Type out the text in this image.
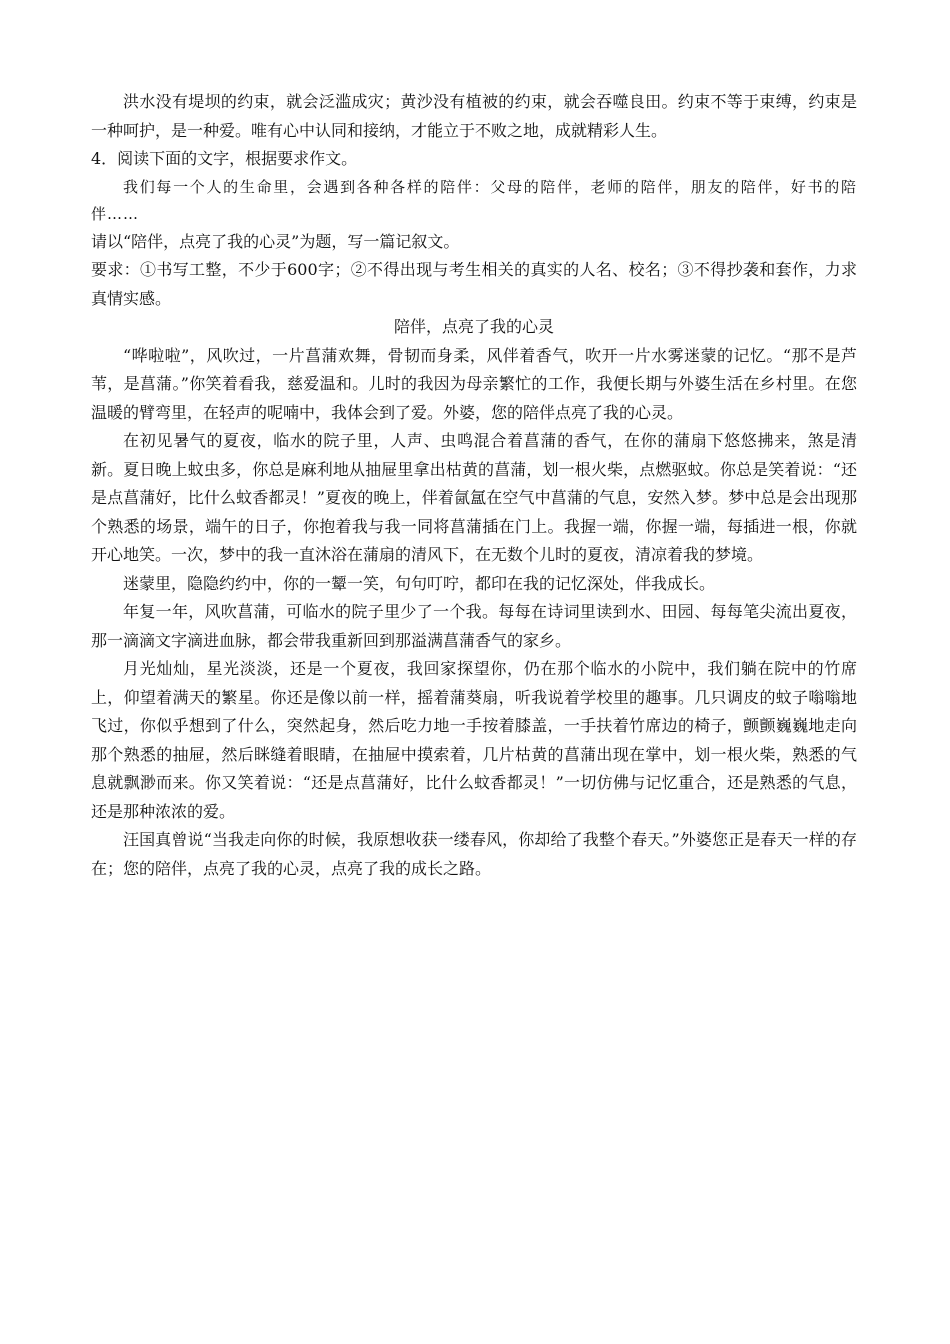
洪水没有堤坝的约束，就会泛滥成灾；黄沙没有植被的约束，就会吞噬良田。约束不等于束缚，约束是一种呵护，是一种爱。唯有心中认同和接纳，才能立于不败之地，成就精彩人生。

4．阅读下面的文字，根据要求作文。

我们每一个人的生命里，会遇到各种各样的陪伴：父母的陪伴，老师的陪伴，朋友的陪伴，好书的陪伴……

请以“陪伴，点亮了我的心灵”为题，写一篇记叙文。

要求：①书写工整，不少于600字；②不得出现与考生相关的真实的人名、校名；③不得抄袭和套作，力求真情实感。

陪伴，点亮了我的心灵

“哗啦啦”，风吹过，一片菖蒲欢舞，骨韧而身柔，风伴着香气，吹开一片水雾迷蒙的记忆。“那不是芦苇，是菖蒲。”你笑着看我，慈爱温和。儿时的我因为母亲繁忙的工作，我便长期与外婆生活在乡村里。在您温暖的臂弯里，在轻声的呢喃中，我体会到了爱。外婆，您的陪伴点亮了我的心灵。

在初见暑气的夏夜，临水的院子里，人声、虫鸣混合着菖蒲的香气，在你的蒲扇下悠悠拂来，煞是清新。夏日晚上蚊虫多，你总是麻利地从抽屉里拿出枯黄的菖蒲，划一根火柴，点燃驱蚊。你总是笑着说：“还是点菖蒲好，比什么蚊香都灵！”夏夜的晚上，伴着氤氲在空气中菖蒲的气息，安然入梦。梦中总是会出现那个熟悉的场景，端午的日子，你抱着我与我一同将菖蒲插在门上。我握一端，你握一端，每插进一根，你就开心地笑。一次，梦中的我一直沐浴在蒲扇的清风下，在无数个儿时的夏夜，清凉着我的梦境。

迷蒙里，隐隐约约中，你的一颦一笑，句句叮咛，都印在我的记忆深处，伴我成长。

年复一年，风吹菖蒲，可临水的院子里少了一个我。每每在诗词里读到水、田园、每每笔尖流出夏夜，那一滴滴文字滴进血脉，都会带我重新回到那溢满菖蒲香气的家乡。

月光灿灿，星光淡淡，还是一个夏夜，我回家探望你，仍在那个临水的小院中，我们躺在院中的竹席上，仰望着满天的繁星。你还是像以前一样，摇着蒲葵扇，听我说着学校里的趣事。几只调皮的蚊子嗡嗡地飞过，你似乎想到了什么，突然起身，然后吃力地一手按着膝盖，一手扶着竹席边的椅子，颤颤巍巍地走向那个熟悉的抽屉，然后眯缝着眼睛，在抽屉中摸索着，几片枯黄的菖蒲出现在掌中，划一根火柴，熟悉的气息就飘渺而来。你又笑着说：“还是点菖蒲好，比什么蚊香都灵！”一切仿佛与记忆重合，还是熟悉的气息，还是那种浓浓的爱。

汪国真曾说“当我走向你的时候，我原想收获一缕春风，你却给了我整个春天。”外婆您正是春天一样的存在；您的陪伴，点亮了我的心灵，点亮了我的成长之路。
